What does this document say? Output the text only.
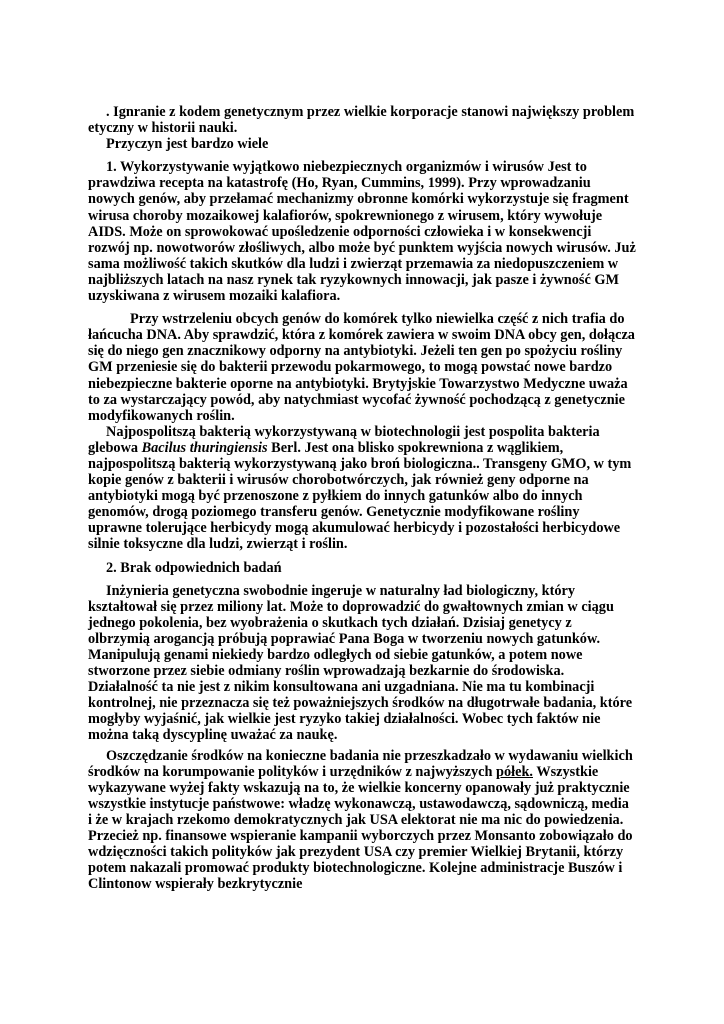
. Ignranie z kodem genetycznym przez wielkie korporacje stanowi największy problem etyczny w historii nauki.

Przyczyn jest bardzo wiele

1. Wykorzystywanie wyjątkowo niebezpiecznych organizmów i wirusów Jest to prawdziwa recepta na katastrofę (Ho, Ryan, Cummins, 1999). Przy wprowadzaniu nowych genów, aby przełamać mechanizmy obronne komórki wykorzystuje się fragment wirusa choroby mozaikowej kalafiorów, spokrewnionego z wirusem, który wywołuje AIDS. Może on sprowokować upośledzenie odporności człowieka i w konsekwencji rozwój np. nowotworów złośliwych, albo może być punktem wyjścia nowych wirusów. Już sama możliwość takich skutków dla ludzi i zwierząt przemawia za niedopuszczeniem w najbliższych latach na nasz rynek tak ryzykownych innowacji, jak pasze i żywność GM uzyskiwana z wirusem mozaiki kalafiora.

Przy wstrzeleniu obcych genów do komórek tylko niewielka część z nich trafia do łańcucha DNA. Aby sprawdzić, która z komórek zawiera w swoim DNA obcy gen, dołącza się do niego gen znacznikowy odporny na antybiotyki. Jeżeli ten gen po spożyciu rośliny GM przeniesie się do bakterii przewodu pokarmowego, to mogą powstać nowe bardzo niebezpieczne bakterie oporne na antybiotyki. Brytyjskie Towarzystwo Medyczne uważa to za wystarczający powód, aby natychmiast wycofać żywność pochodzącą z genetycznie modyfikowanych roślin.

Najpospolitszą bakterią wykorzystywaną w biotechnologii jest pospolita bakteria glebowa Bacilus thuringiensis Berl. Jest ona blisko spokrewniona z wąglikiem, najpospolitszą bakterią wykorzystywaną jako broń biologiczna.. Transgeny GMO, w tym kopie genów z bakterii i wirusów chorobotwórczych, jak również geny odporne na antybiotyki mogą być przenoszone z pyłkiem do innych gatunków albo do innych genomów, drogą poziomego transferu genów. Genetycznie modyfikowane rośliny uprawne tolerujące herbicydy mogą akumulować herbicydy i pozostałości herbicydowe silnie toksyczne dla ludzi, zwierząt i roślin.

2. Brak odpowiednich badań

Inżynieria genetyczna swobodnie ingeruje w naturalny ład biologiczny, który kształtował się przez miliony lat. Może to doprowadzić do gwałtownych zmian w ciągu jednego pokolenia, bez wyobrażenia o skutkach tych działań. Dzisiaj genetycy z olbrzymią arogancją próbują poprawiać Pana Boga w tworzeniu nowych gatunków. Manipulują genami niekiedy bardzo odległych od siebie gatunków, a potem nowe stworzone przez siebie odmiany roślin wprowadzają bezkarnie do środowiska. Działalność ta nie jest z nikim konsultowana ani uzgadniana. Nie ma tu kombinacji kontrolnej, nie przeznacza się też poważniejszych środków na długotrwałe badania, które mogłyby wyjaśnić, jak wielkie jest ryzyko takiej działalności. Wobec tych faktów nie można taką dyscyplinę uważać za naukę.

Oszczędzanie środków na konieczne badania nie przeszkadzało w wydawaniu wielkich środków na korumpowanie polityków i urzędników z najwyższych półek. Wszystkie wykazywane wyżej fakty wskazują na to, że wielkie koncerny opanowały już praktycznie wszystkie instytucje państwowe: władzę wykonawczą, ustawodawczą, sądowniczą, media i że w krajach rzekomo demokratycznych jak USA elektorat nie ma nic do powiedzenia. Przecież np. finansowe wspieranie kampanii wyborczych przez Monsanto zobowiązało do wdzięczności takich polityków jak prezydent USA czy premier Wielkiej Brytanii, którzy potem nakazali promować produkty biotechnologiczne. Kolejne administracje Buszów i Clintonow wspierały bezkrytycznie
